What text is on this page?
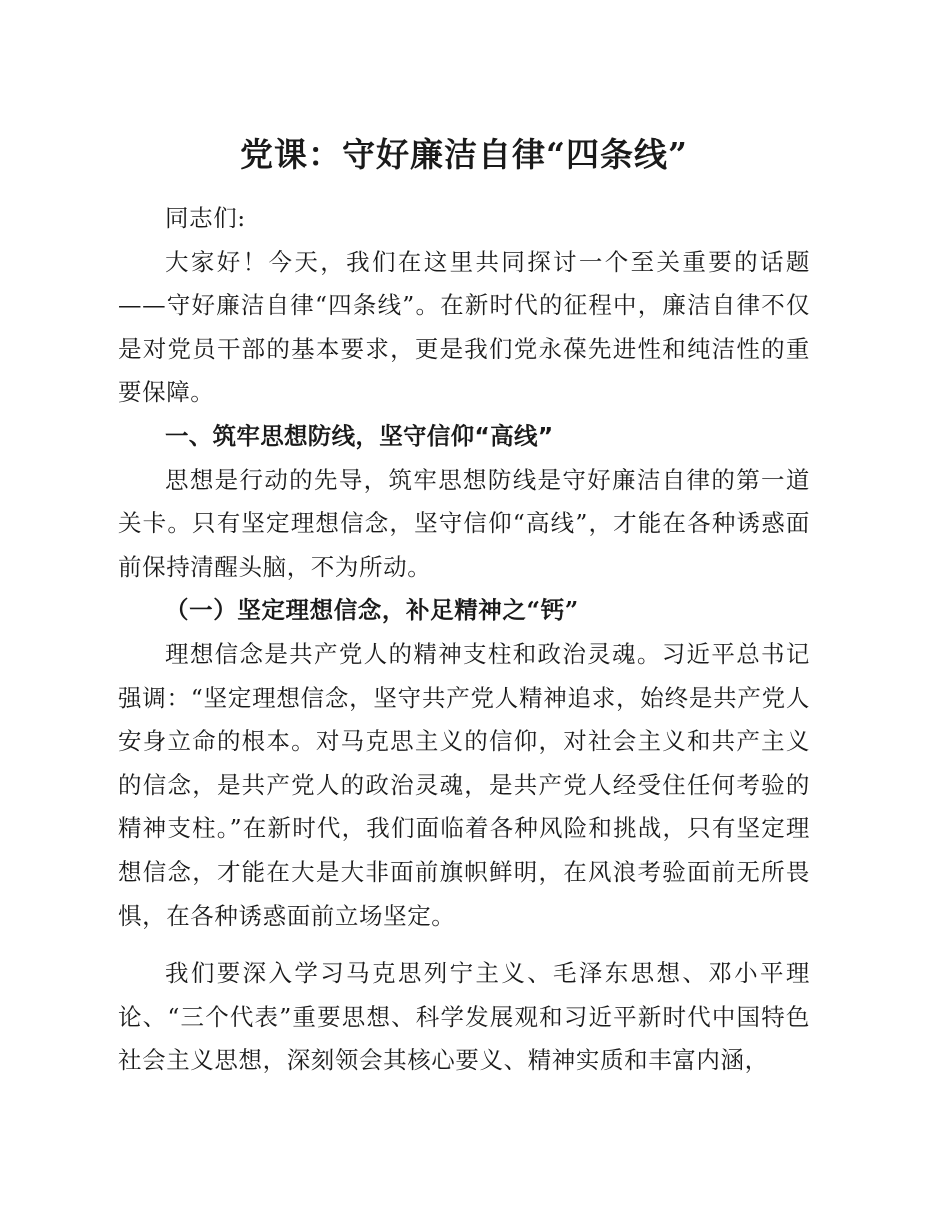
党课：守好廉洁自律“四条线”

同志们:

大家好！今天，我们在这里共同探讨一个至关重要的话题——守好廉洁自律“四条线”。在新时代的征程中，廉洁自律不仅是对党员干部的基本要求，更是我们党永葆先进性和纯洁性的重要保障。

一、筑牢思想防线，坚守信仰“高线”

思想是行动的先导，筑牢思想防线是守好廉洁自律的第一道关卡。只有坚定理想信念，坚守信仰“高线”，才能在各种诱惑面前保持清醒头脑，不为所动。

（一）坚定理想信念，补足精神之“钙”

理想信念是共产党人的精神支柱和政治灵魂。习近平总书记强调：“坚定理想信念，坚守共产党人精神追求，始终是共产党人安身立命的根本。对马克思主义的信仰，对社会主义和共产主义的信念，是共产党人的政治灵魂，是共产党人经受住任何考验的精神支柱。”在新时代，我们面临着各种风险和挑战，只有坚定理想信念，才能在大是大非面前旗帜鲜明，在风浪考验面前无所畏惧，在各种诱惑面前立场坚定。

我们要深入学习马克思列宁主义、毛泽东思想、邓小平理论、“三个代表”重要思想、科学发展观和习近平新时代中国特色社会主义思想，深刻领会其核心要义、精神实质和丰富内涵，
